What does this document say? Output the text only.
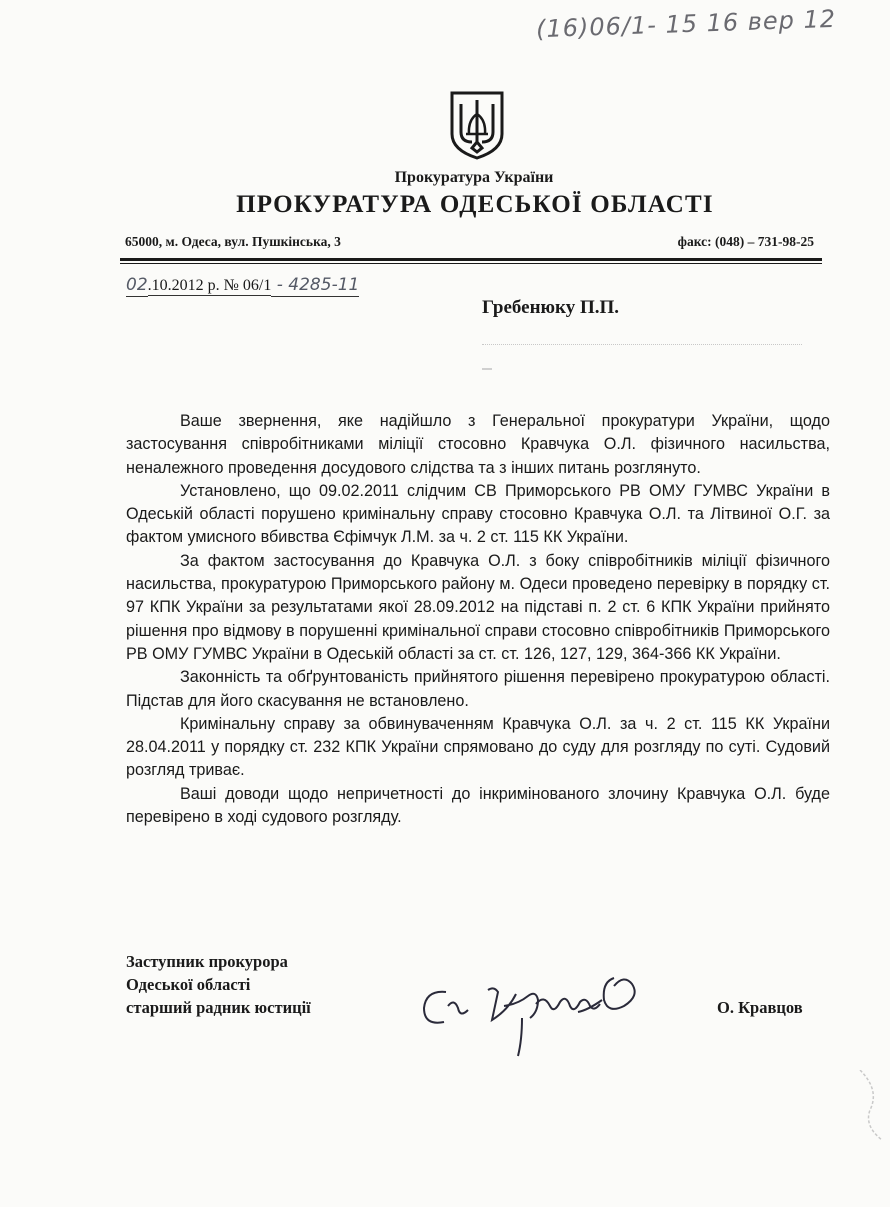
(16)06/1- 15 16 вер 12
Прокуратура України
ПРОКУРАТУРА ОДЕСЬКОЇ ОБЛАСТІ
65000, м. Одеса, вул. Пушкінська, 3	факс: (048) – 731-98-25
02.10.2012 р. № 06/1 - 4285-11
Гребенюку П.П.

Ваше звернення, яке надійшло з Генеральної прокуратури України, щодо застосування співробітниками міліції стосовно Кравчука О.Л. фізичного насильства, неналежного проведення досудового слідства та з інших питань розглянуто.

Установлено, що 09.02.2011 слідчим СВ Приморського РВ ОМУ ГУМВС України в Одеській області порушено кримінальну справу стосовно Кравчука О.Л. та Літвиної О.Г. за фактом умисного вбивства Єфімчук Л.М. за ч. 2 ст. 115 КК України.

За фактом застосування до Кравчука О.Л. з боку співробітників міліції фізичного насильства, прокуратурою Приморського району м. Одеси проведено перевірку в порядку ст. 97 КПК України за результатами якої 28.09.2012 на підставі п. 2 ст. 6 КПК України прийнято рішення про відмову в порушенні кримінальної справи стосовно співробітників Приморського РВ ОМУ ГУМВС України в Одеській області за ст. ст. 126, 127, 129, 364-366 КК України.

Законність та обґрунтованість прийнятого рішення перевірено прокуратурою області. Підстав для його скасування не встановлено.

Кримінальну справу за обвинуваченням Кравчука О.Л. за ч. 2 ст. 115 КК України 28.04.2011 у порядку ст. 232 КПК України спрямовано до суду для розгляду по суті. Судовий розгляд триває.

Ваші доводи щодо непричетності до інкримінованого злочину Кравчука О.Л. буде перевірено в ході судового розгляду.

Заступник прокурора
Одеської області
старший радник юстиції	О. Кравцов
